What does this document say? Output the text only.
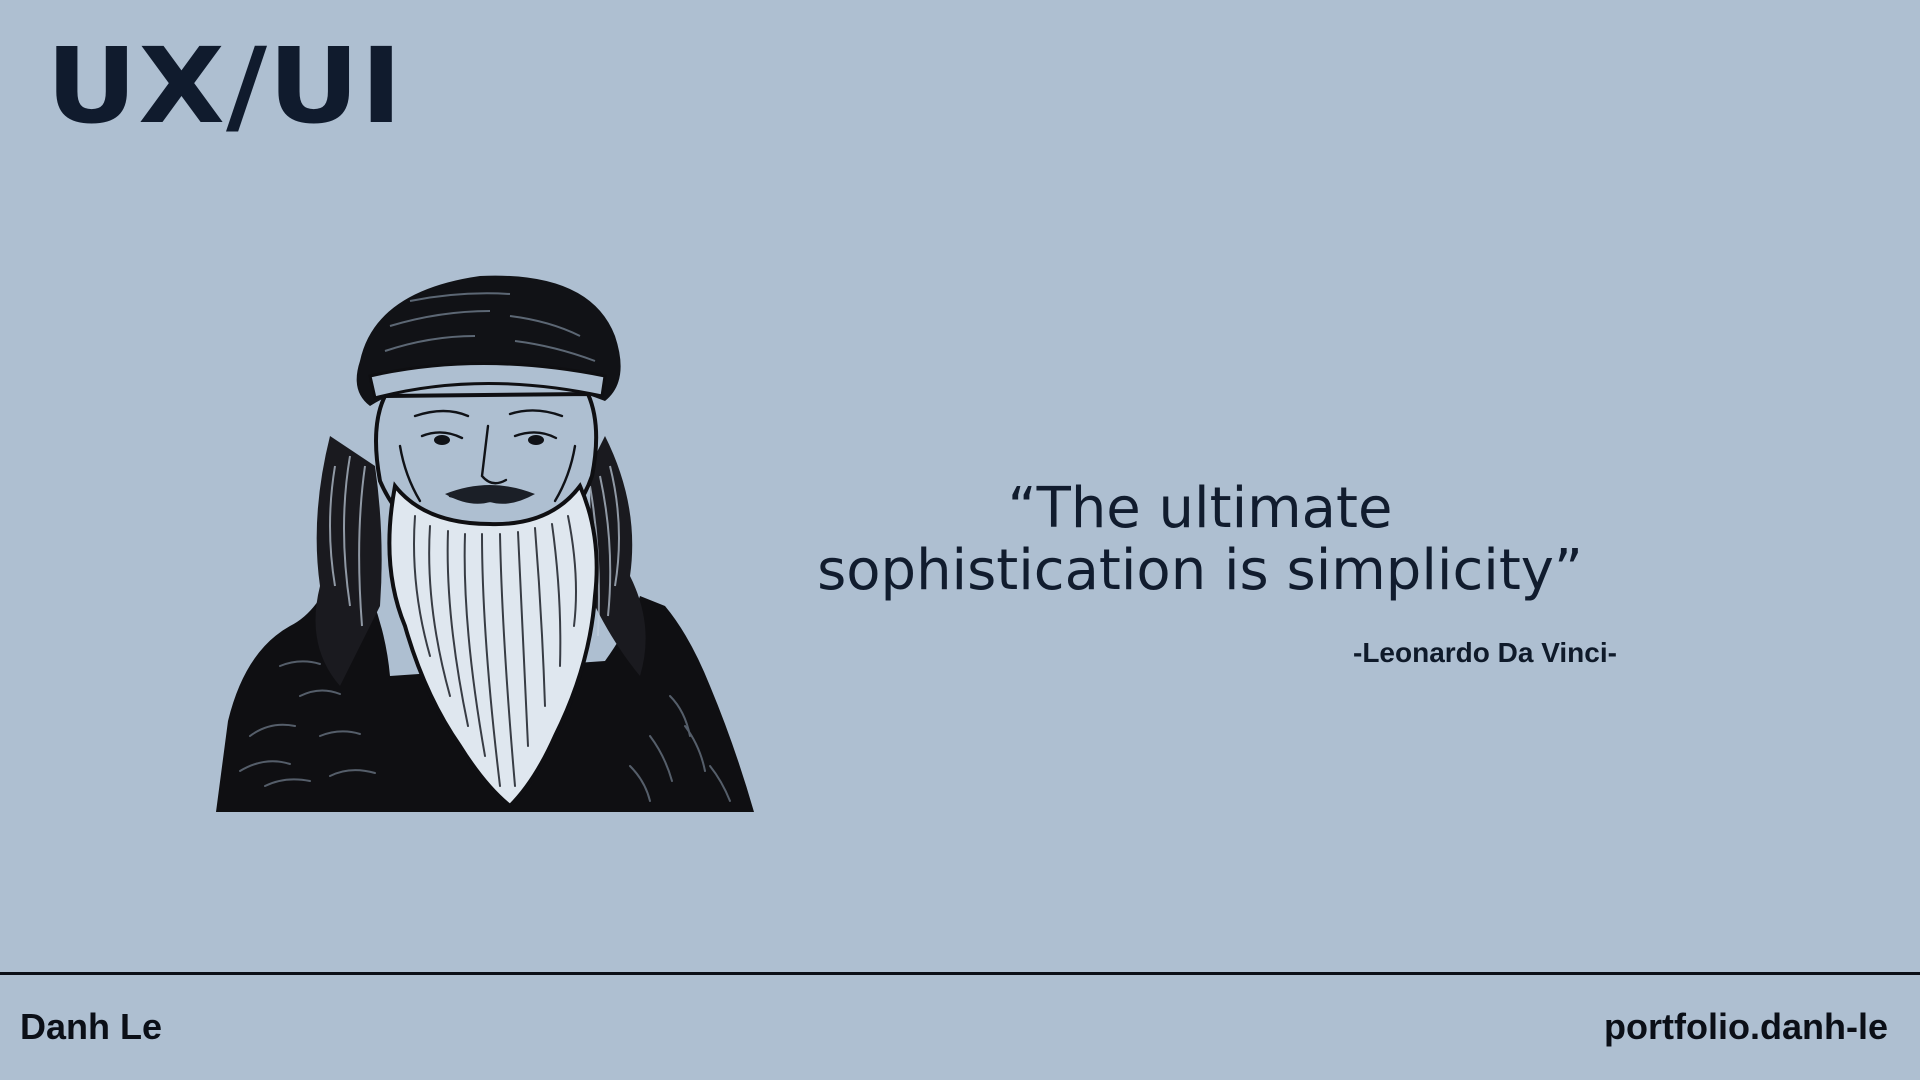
UX/UI

“The ultimate
sophistication is simplicity”

-Leonardo Da Vinci-

Danh Le	portfolio.danh-le
